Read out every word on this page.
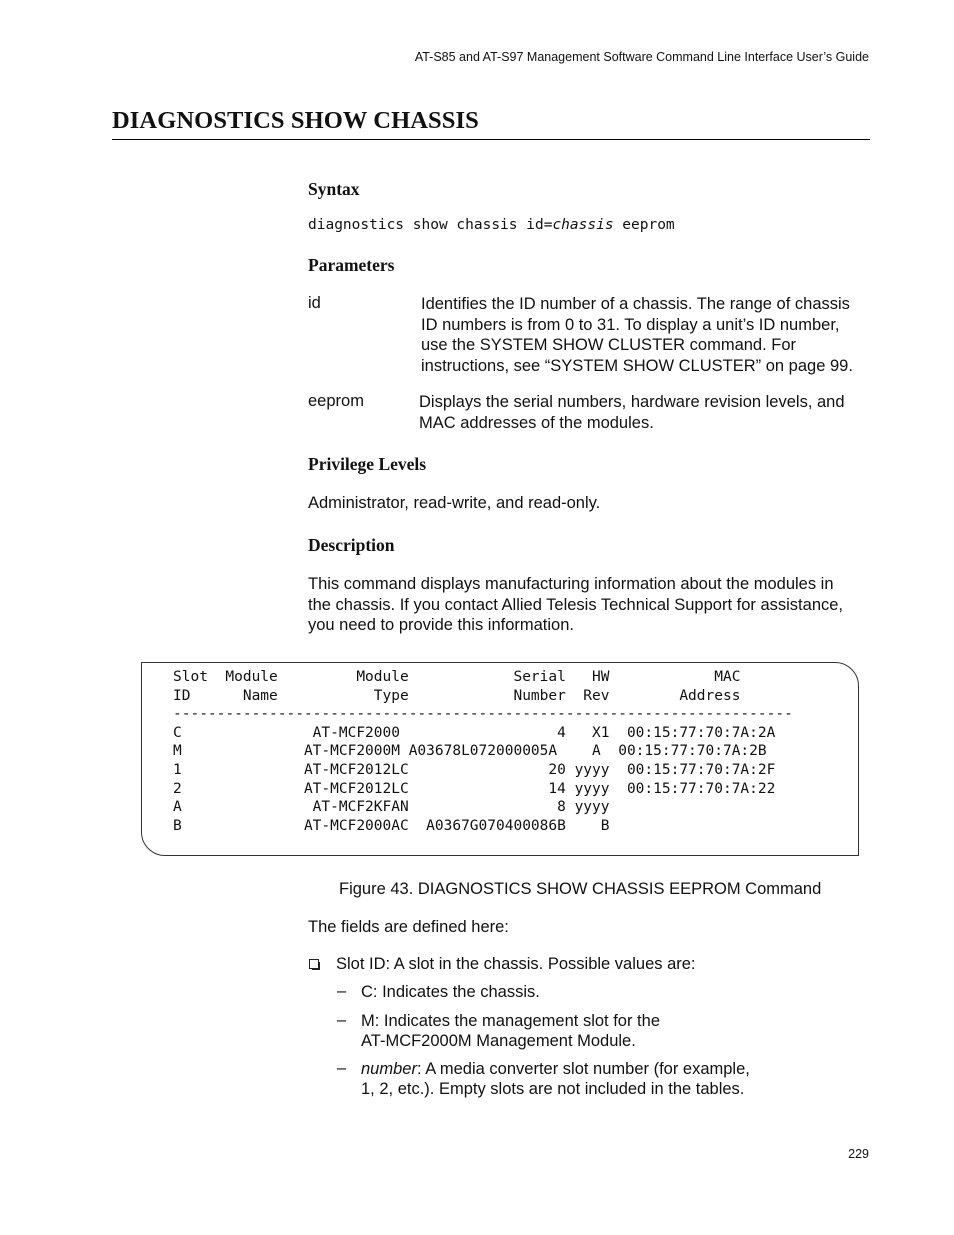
AT-S85 and AT-S97 Management Software Command Line Interface User’s Guide
DIAGNOSTICS SHOW CHASSIS
Syntax
diagnostics show chassis id=chassis eeprom
Parameters
id	Identifies the ID number of a chassis. The range of chassis
ID numbers is from 0 to 31. To display a unit’s ID number,
use the SYSTEM SHOW CLUSTER command. For
instructions, see “SYSTEM SHOW CLUSTER” on page 99.
eeprom	Displays the serial numbers, hardware revision levels, and
MAC addresses of the modules.
Privilege Levels
Administrator, read-write, and read-only.
Description
This command displays manufacturing information about the modules in
the chassis. If you contact Allied Telesis Technical Support for assistance,
you need to provide this information.
Slot  Module         Module            Serial   HW            MAC
ID      Name           Type            Number  Rev        Address
-----------------------------------------------------------------------
C               AT-MCF2000                  4   X1  00:15:77:70:7A:2A
M              AT-MCF2000M A03678L072000005A    A  00:15:77:70:7A:2B
1              AT-MCF2012LC                20 yyyy  00:15:77:70:7A:2F
2              AT-MCF2012LC                14 yyyy  00:15:77:70:7A:22
A               AT-MCF2KFAN                 8 yyyy
B              AT-MCF2000AC  A0367G070400086B    B
Figure 43. DIAGNOSTICS SHOW CHASSIS EEPROM Command
The fields are defined here:
Slot ID: A slot in the chassis. Possible values are:
– C: Indicates the chassis.
– M: Indicates the management slot for the
AT-MCF2000M Management Module.
– number: A media converter slot number (for example,
1, 2, etc.). Empty slots are not included in the tables.
229
